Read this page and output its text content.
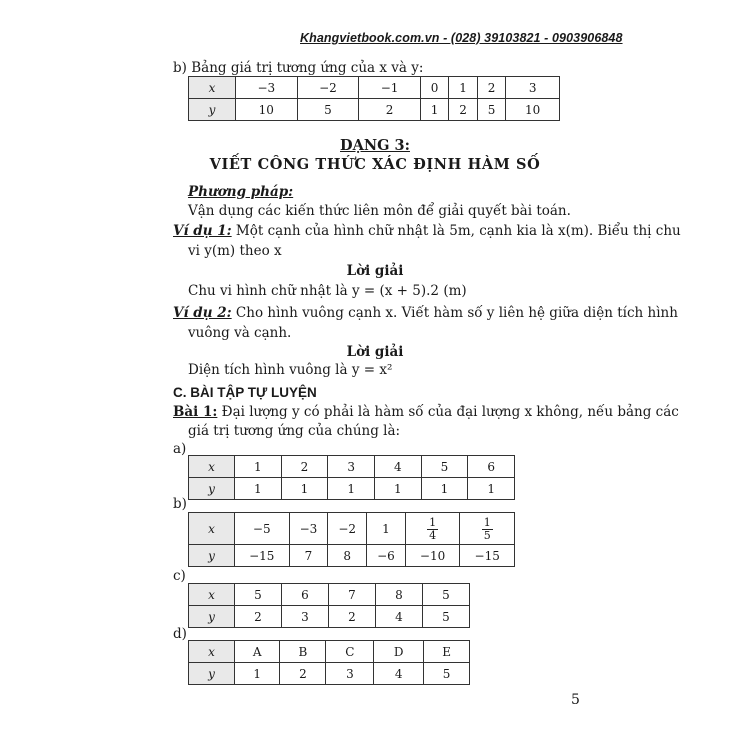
Khangvietbook.com.vn - (028) 39103821 - 0903906848
b) Bảng giá trị tương ứng của x và y:
x	−3	−2	−1	0	1	2	3
y	10	5	2	1	2	5	10
DẠNG 3:
VIẾT CÔNG THỨC XÁC ĐỊNH HÀM SỐ
Phương pháp:
Vận dụng các kiến thức liên môn để giải quyết bài toán.
Ví dụ 1: Một cạnh của hình chữ nhật là 5m, cạnh kia là x(m). Biểu thị chu
vi y(m) theo x
Lời giải
Chu vi hình chữ nhật là y = (x + 5).2 (m)
Ví dụ 2: Cho hình vuông cạnh x. Viết hàm số y liên hệ giữa diện tích hình
vuông và cạnh.
Lời giải
Diện tích hình vuông là y = x²
C. BÀI TẬP TỰ LUYỆN
Bài 1: Đại lượng y có phải là hàm số của đại lượng x không, nếu bảng các
giá trị tương ứng của chúng là:
a)
x	1	2	3	4	5	6
y	1	1	1	1	1	1
b)
x	−5	−3	−2	1	$\frac{1}{4}$	$\frac{1}{5}$

y	−15	7	8	−6	−10	−15
c)
x	5	6	7	8	5
y	2	3	2	4	5
d)
x	A	B	C	D	E
y	1	2	3	4	5
5
